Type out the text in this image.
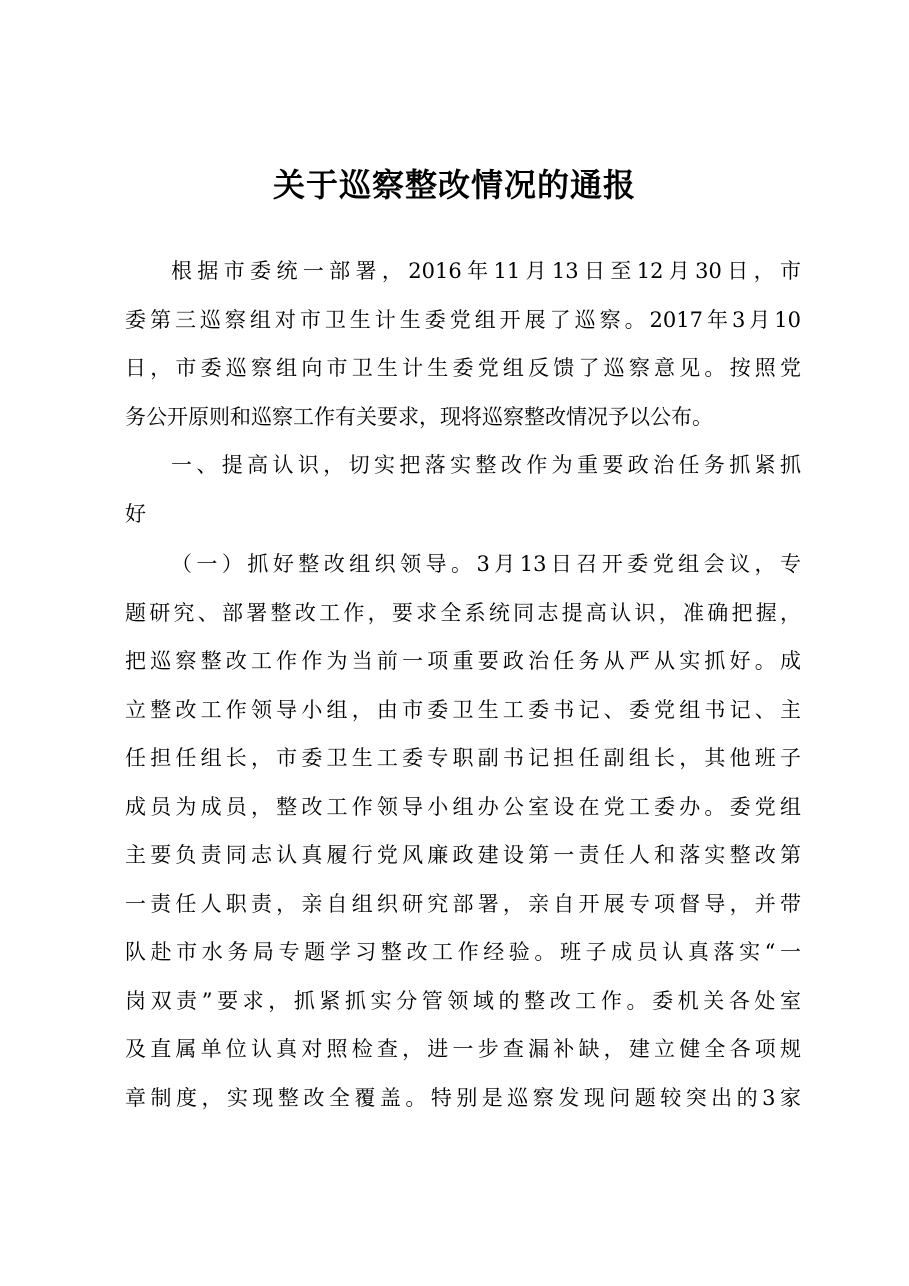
关于巡察整改情况的通报
根据市委统一部署，2016年11月13日至12月30日，市
委第三巡察组对市卫生计生委党组开展了巡察。2017年3月10
日，市委巡察组向市卫生计生委党组反馈了巡察意见。按照党
务公开原则和巡察工作有关要求，现将巡察整改情况予以公布。
一、提高认识，切实把落实整改作为重要政治任务抓紧抓
好
（一）抓好整改组织领导。3月13日召开委党组会议，专
题研究、部署整改工作，要求全系统同志提高认识，准确把握，
把巡察整改工作作为当前一项重要政治任务从严从实抓好。成
立整改工作领导小组，由市委卫生工委书记、委党组书记、主
任担任组长，市委卫生工委专职副书记担任副组长，其他班子
成员为成员，整改工作领导小组办公室设在党工委办。委党组
主要负责同志认真履行党风廉政建设第一责任人和落实整改第
一责任人职责，亲自组织研究部署，亲自开展专项督导，并带
队赴市水务局专题学习整改工作经验。班子成员认真落实“一
岗双责”要求，抓紧抓实分管领域的整改工作。委机关各处室
及直属单位认真对照检查，进一步查漏补缺，建立健全各项规
章制度，实现整改全覆盖。特别是巡察发现问题较突出的3家
